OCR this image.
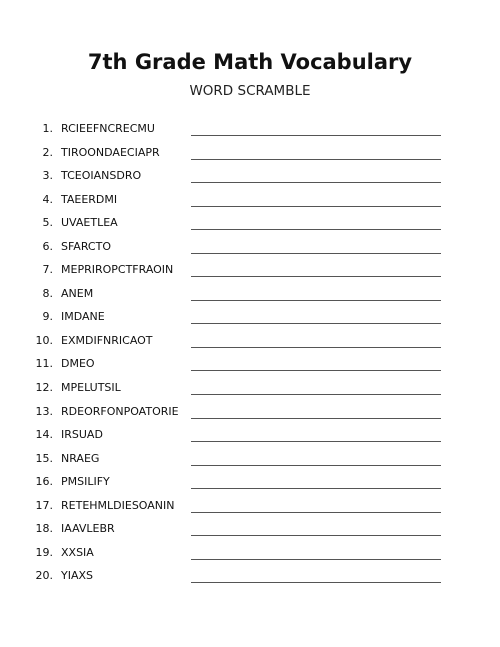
7th Grade Math Vocabulary
WORD SCRAMBLE
1. RCIEEFNCRECMU
2. TIROONDAECIAPR
3. TCEOIANSDRO
4. TAEERDMI
5. UVAETLEA
6. SFARCTO
7. MEPRIROPCTFRAOIN
8. ANEM
9. IMDANE
10. EXMDIFNRICAOT
11. DMEO
12. MPELUTSIL
13. RDEORFONPOATORIE
14. IRSUAD
15. NRAEG
16. PMSILIFY
17. RETEHMLDIESOANIN
18. IAAVLEBR
19. XXSIA
20. YIAXS
